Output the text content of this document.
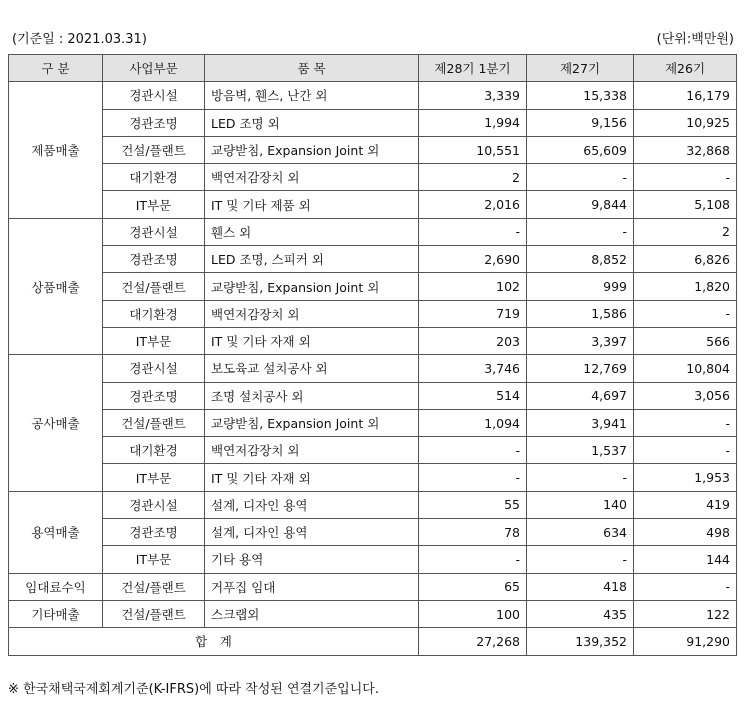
(기준일 : 2021.03.31)	(단위:백만원)
구 분	사업부문	품 목	제28기 1분기	제27기	제26기
제품매출	경관시설	방음벽, 휀스, 난간 외	3,339	15,338	16,179
	경관조명	LED 조명 외	1,994	9,156	10,925
	건설/플랜트	교량받침, Expansion Joint 외	10,551	65,609	32,868
	대기환경	백연저감장치 외	2	-	-
	IT부문	IT 및 기타 제품 외	2,016	9,844	5,108
상품매출	경관시설	휀스 외	-	-	2
	경관조명	LED 조명, 스피커 외	2,690	8,852	6,826
	건설/플랜트	교량받침, Expansion Joint 외	102	999	1,820
	대기환경	백연저감장치 외	719	1,586	-
	IT부문	IT 및 기타 자재 외	203	3,397	566
공사매출	경관시설	보도육교 설치공사 외	3,746	12,769	10,804
	경관조명	조명 설치공사 외	514	4,697	3,056
	건설/플랜트	교량받침, Expansion Joint 외	1,094	3,941	-
	대기환경	백연저감장치 외	-	1,537	-
	IT부문	IT 및 기타 자재 외	-	-	1,953
용역매출	경관시설	설계, 디자인 용역	55	140	419
	경관조명	설계, 디자인 용역	78	634	498
	IT부문	기타 용역	-	-	144
임대료수익	건설/플랜트	거푸집 임대	65	418	-
기타매출	건설/플랜트	스크랩외	100	435	122
합　계			27,268	139,352	91,290
※ 한국채택국제회계기준(K-IFRS)에 따라 작성된 연결기준입니다.
